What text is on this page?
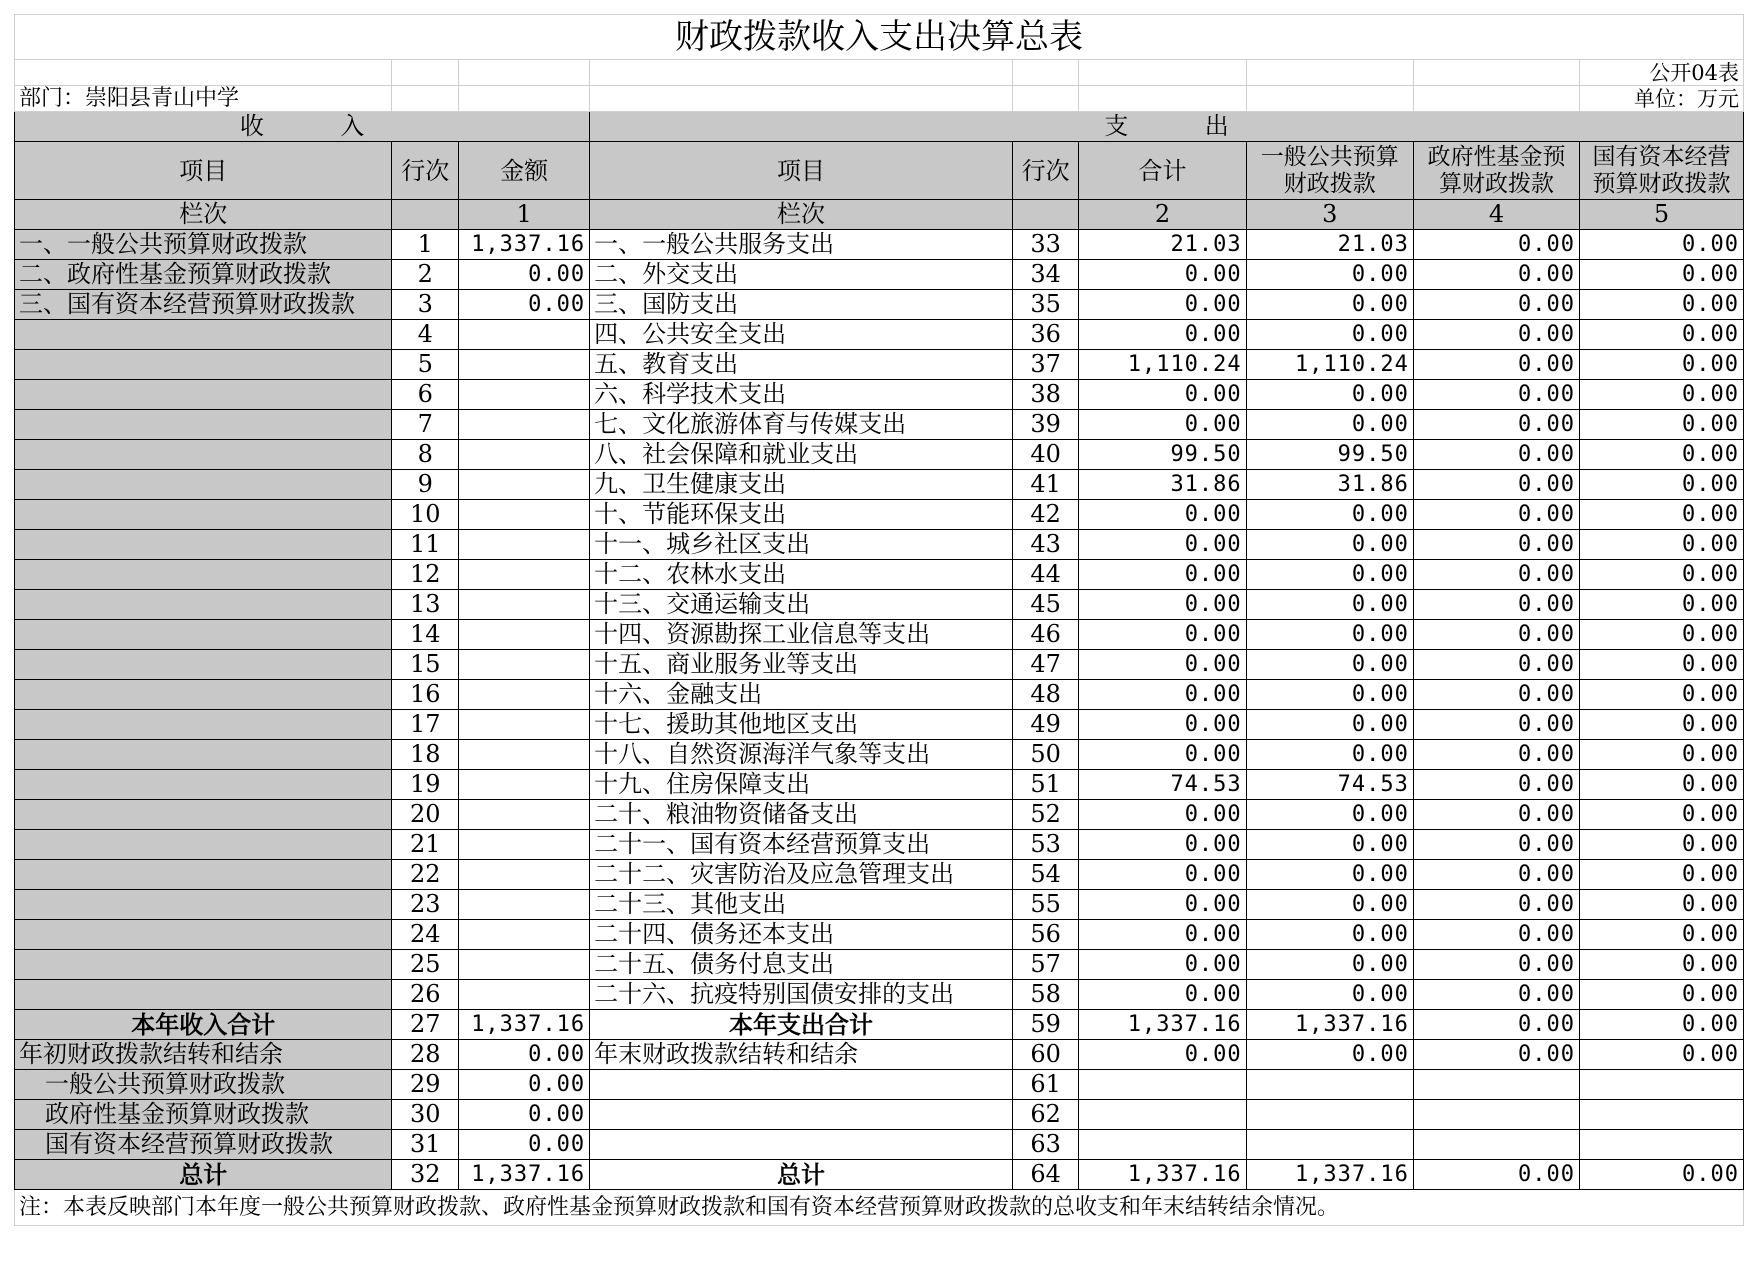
财政拨款收入支出决算总表								
								公开04表
部门：崇阳县青山中学								单位：万元
收          入			支          出					
项目	行次	金额	项目	行次	合计	一般公共预算财政拨款	政府性基金预算财政拨款	国有资本经营预算财政拨款
栏次		1	栏次		2	3	4	5
一、一般公共预算财政拨款	1	1,337.16	一、一般公共服务支出	33	21.03	21.03	0.00	0.00
二、政府性基金预算财政拨款	2	0.00	二、外交支出	34	0.00	0.00	0.00	0.00
三、国有资本经营预算财政拨款	3	0.00	三、国防支出	35	0.00	0.00	0.00	0.00
	4		四、公共安全支出	36	0.00	0.00	0.00	0.00
	5		五、教育支出	37	1,110.24	1,110.24	0.00	0.00
	6		六、科学技术支出	38	0.00	0.00	0.00	0.00
	7		七、文化旅游体育与传媒支出	39	0.00	0.00	0.00	0.00
	8		八、社会保障和就业支出	40	99.50	99.50	0.00	0.00
	9		九、卫生健康支出	41	31.86	31.86	0.00	0.00
	10		十、节能环保支出	42	0.00	0.00	0.00	0.00
	11		十一、城乡社区支出	43	0.00	0.00	0.00	0.00
	12		十二、农林水支出	44	0.00	0.00	0.00	0.00
	13		十三、交通运输支出	45	0.00	0.00	0.00	0.00
	14		十四、资源勘探工业信息等支出	46	0.00	0.00	0.00	0.00
	15		十五、商业服务业等支出	47	0.00	0.00	0.00	0.00
	16		十六、金融支出	48	0.00	0.00	0.00	0.00
	17		十七、援助其他地区支出	49	0.00	0.00	0.00	0.00
	18		十八、自然资源海洋气象等支出	50	0.00	0.00	0.00	0.00
	19		十九、住房保障支出	51	74.53	74.53	0.00	0.00
	20		二十、粮油物资储备支出	52	0.00	0.00	0.00	0.00
	21		二十一、国有资本经营预算支出	53	0.00	0.00	0.00	0.00
	22		二十二、灾害防治及应急管理支出	54	0.00	0.00	0.00	0.00
	23		二十三、其他支出	55	0.00	0.00	0.00	0.00
	24		二十四、债务还本支出	56	0.00	0.00	0.00	0.00
	25		二十五、债务付息支出	57	0.00	0.00	0.00	0.00
	26		二十六、抗疫特别国债安排的支出	58	0.00	0.00	0.00	0.00
本年收入合计	27	1,337.16	本年支出合计	59	1,337.16	1,337.16	0.00	0.00
年初财政拨款结转和结余	28	0.00	年末财政拨款结转和结余	60	0.00	0.00	0.00	0.00
一般公共预算财政拨款	29	0.00		61				
政府性基金预算财政拨款	30	0.00		62				
国有资本经营预算财政拨款	31	0.00		63				
总计	32	1,337.16	总计	64	1,337.16	1,337.16	0.00	0.00
注：本表反映部门本年度一般公共预算财政拨款、政府性基金预算财政拨款和国有资本经营预算财政拨款的总收支和年末结转结余情况。								
